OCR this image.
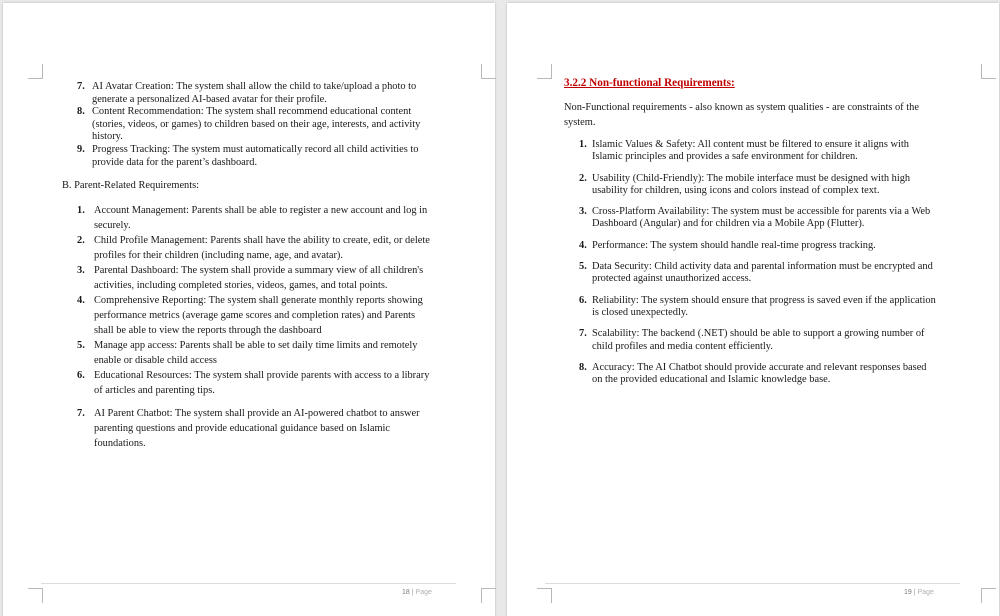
7. AI Avatar Creation: The system shall allow the child to take/upload a photo to generate a personalized AI-based avatar for their profile.
8. Content Recommendation: The system shall recommend educational content (stories, videos, or games) to children based on their age, interests, and activity history.
9. Progress Tracking: The system must automatically record all child activities to provide data for the parent’s dashboard.
B. Parent-Related Requirements:
1. Account Management: Parents shall be able to register a new account and log in securely.
2. Child Profile Management: Parents shall have the ability to create, edit, or delete profiles for their children (including name, age, and avatar).
3. Parental Dashboard: The system shall provide a summary view of all children's activities, including completed stories, videos, games, and total points.
4. Comprehensive Reporting: The system shall generate monthly reports showing performance metrics (average game scores and completion rates) and Parents shall be able to view the reports through the dashboard
5. Manage app access: Parents shall be able to set daily time limits and remotely enable or disable child access
6. Educational Resources: The system shall provide parents with access to a library of articles and parenting tips.
7. AI Parent Chatbot: The system shall provide an AI-powered chatbot to answer parenting questions and provide educational guidance based on Islamic foundations.
18 | Page

3.2.2 Non-functional Requirements:

Non-Functional requirements - also known as system qualities - are constraints of the system.

1. Islamic Values & Safety: All content must be filtered to ensure it aligns with Islamic principles and provides a safe environment for children.
2. Usability (Child-Friendly): The mobile interface must be designed with high usability for children, using icons and colors instead of complex text.
3. Cross-Platform Availability: The system must be accessible for parents via a Web Dashboard (Angular) and for children via a Mobile App (Flutter).
4. Performance: The system should handle real-time progress tracking.
5. Data Security: Child activity data and parental information must be encrypted and protected against unauthorized access.
6. Reliability: The system should ensure that progress is saved even if the application is closed unexpectedly.
7. Scalability: The backend (.NET) should be able to support a growing number of child profiles and media content efficiently.
8. Accuracy: The AI Chatbot should provide accurate and relevant responses based on the provided educational and Islamic knowledge base.
19 | Page
